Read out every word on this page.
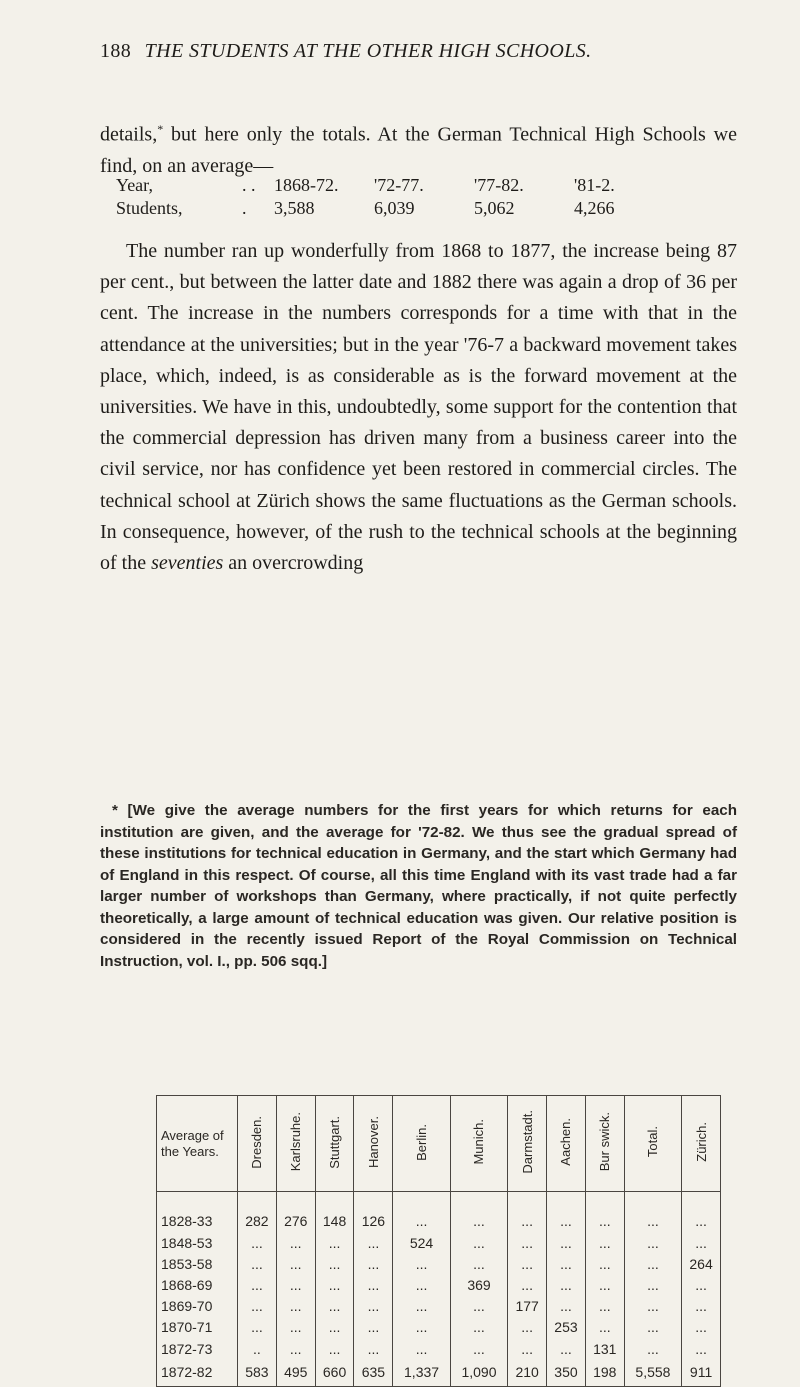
188 THE STUDENTS AT THE OTHER HIGH SCHOOLS.

details,* but here only the totals. At the German Technical High Schools we find, on an average—

Year,	. .	1868-72.	'72-77.	'77-82.	'81-2.
Students,	.	3,588	6,039	5,062	4,266

The number ran up wonderfully from 1868 to 1877, the increase being 87 per cent., but between the latter date and 1882 there was again a drop of 36 per cent. The increase in the numbers corresponds for a time with that in the attendance at the universities; but in the year '76-7 a backward movement takes place, which, indeed, is as considerable as is the forward movement at the universities. We have in this, undoubtedly, some support for the contention that the commercial depression has driven many from a business career into the civil service, nor has confidence yet been restored in commercial circles. The technical school at Zürich shows the same fluctuations as the German schools. In consequence, however, of the rush to the technical schools at the beginning of the seventies an overcrowding

* [We give the average numbers for the first years for which returns for each institution are given, and the average for '72-82. We thus see the gradual spread of these institutions for technical education in Germany, and the start which Germany had of England in this respect. Of course, all this time England with its vast trade had a far larger number of workshops than Germany, where practically, if not quite perfectly theoretically, a large amount of technical education was given. Our relative position is considered in the recently issued Report of the Royal Commission on Technical Instruction, vol. I., pp. 506 sqq.]

Average of the Years.	Dresden.	Karlsruhe.	Stuttgart.	Hanover.	Berlin.	Munich.	Darmstadt.	Aachen.	Bur swick.	Total.	Zürich.
1828-33	282	276	148	126	...	...	...	...	...	...	...
1848-53	...	...	...	...	524	...	...	...	...	...	...
1853-58	...	...	...	...	...	...	...	...	...	...	264
1868-69	...	...	...	...	...	369	...	...	...	...	...
1869-70	...	...	...	...	...	...	177	...	...	...	...
1870-71	...	...	...	...	...	...	...	253	...	...	...
1872-73	..	...	...	...	...	...	...	...	131	...	...
1872-82	583	495	660	635	1,337	1,090	210	350	198	5,558	911
